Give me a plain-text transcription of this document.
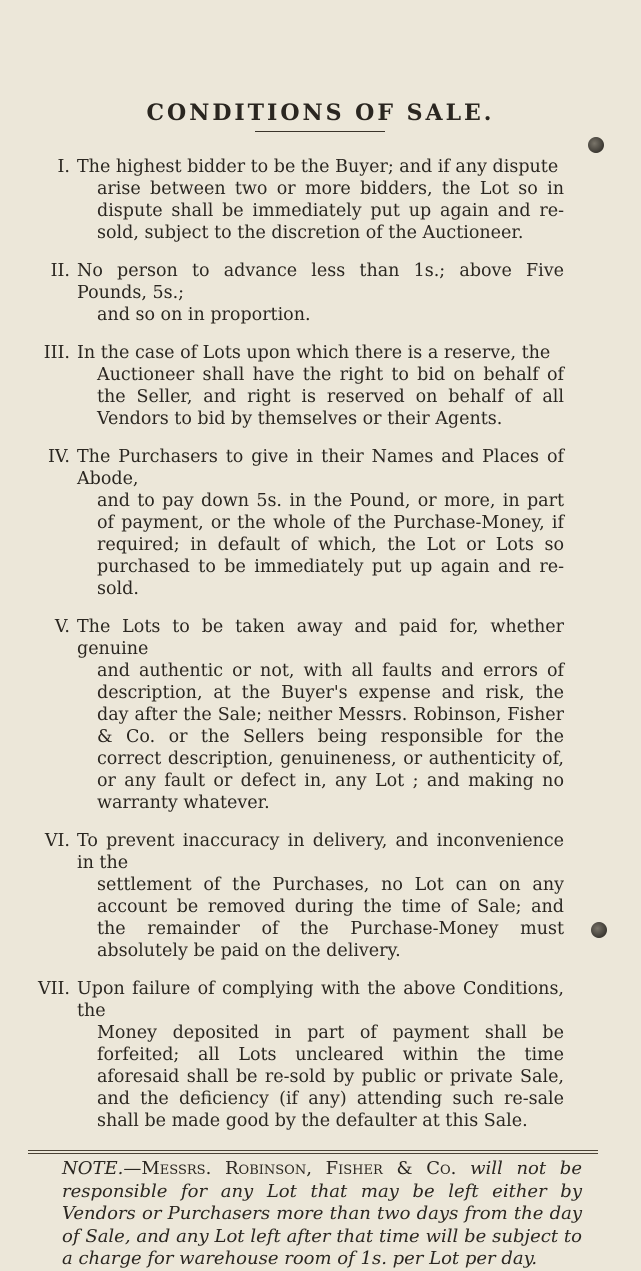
CONDITIONS OF SALE.
I. The highest bidder to be the Buyer; and if any dispute
arise between two or more bidders, the Lot so in dispute shall be immediately put up again and re-sold, subject to the discretion of the Auctioneer.
II. No person to advance less than 1s.; above Five Pounds, 5s.;
and so on in proportion.
III. In the case of Lots upon which there is a reserve, the
Auctioneer shall have the right to bid on behalf of the Seller, and right is reserved on behalf of all Vendors to bid by themselves or their Agents.
IV. The Purchasers to give in their Names and Places of Abode,
and to pay down 5s. in the Pound, or more, in part of payment, or the whole of the Purchase-Money, if required; in default of which, the Lot or Lots so purchased to be immediately put up again and re-sold.
V. The Lots to be taken away and paid for, whether genuine
and authentic or not, with all faults and errors of description, at the Buyer's expense and risk, the day after the Sale; neither Messrs. Robinson, Fisher & Co. or the Sellers being responsible for the correct description, genuineness, or authenticity of, or any fault or defect in, any Lot ; and making no warranty whatever.
VI. To prevent inaccuracy in delivery, and inconvenience in the
settlement of the Purchases, no Lot can on any account be removed during the time of Sale; and the remainder of the Purchase-Money must absolutely be paid on the delivery.
VII. Upon failure of complying with the above Conditions, the
Money deposited in part of payment shall be forfeited; all Lots uncleared within the time aforesaid shall be re-sold by public or private Sale, and the deficiency (if any) attending such re-sale shall be made good by the defaulter at this Sale.
NOTE.—Messrs. Robinson, Fisher & Co. will not be responsible for any Lot that may be left either by Vendors or Purchasers more than two days from the day of Sale, and any Lot left after that time will be subject to a charge for warehouse room of 1s. per Lot per day.
